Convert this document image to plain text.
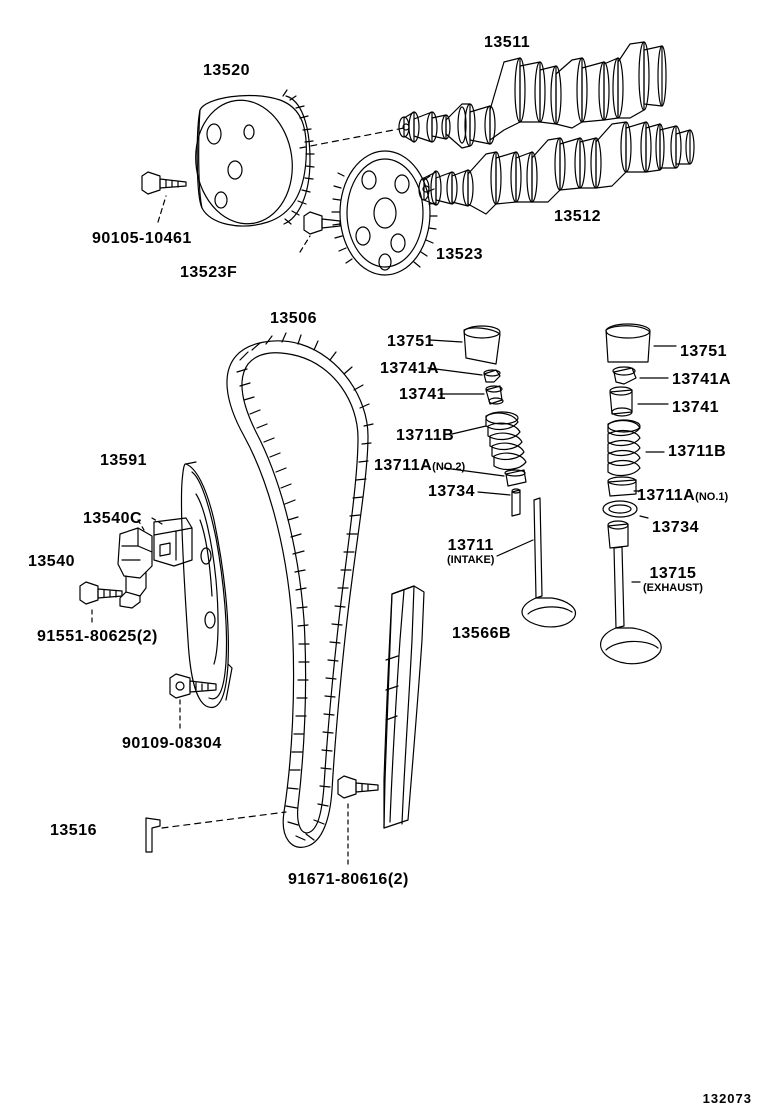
13511
13520
90105-10461
13512
13523F
13523
13506
13751
13751
13741A
13741A
13741
13741
13711B
13711B
13711A(NO.2)
13711A(NO.1)
13734
13734
13591
13540C
13540
13711
(INTAKE)
13715
(EXHAUST)
91551-80625(2)	13566B
90109-08304
13516
91671-80616(2)
132073
